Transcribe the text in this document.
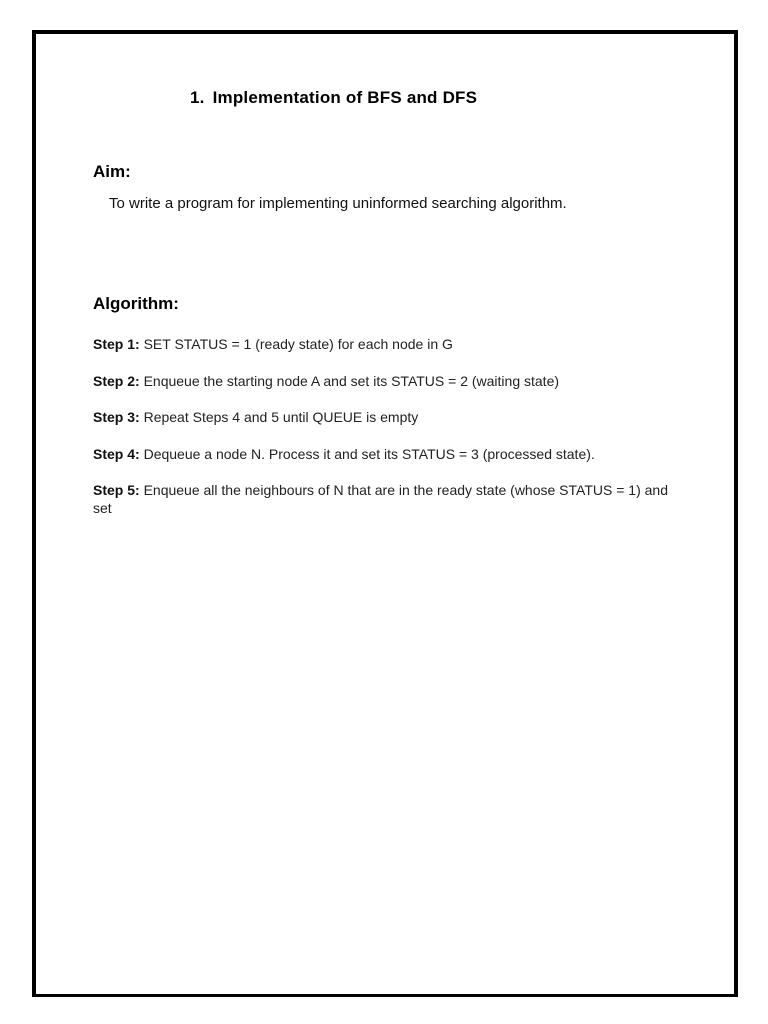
1. Implementation of BFS and DFS
Aim:
To write a program for implementing uninformed searching algorithm.
Algorithm:
Step 1: SET STATUS = 1 (ready state) for each node in G
Step 2: Enqueue the starting node A and set its STATUS = 2 (waiting state)
Step 3: Repeat Steps 4 and 5 until QUEUE is empty
Step 4: Dequeue a node N. Process it and set its STATUS = 3 (processed state).
Step 5: Enqueue all the neighbours of N that are in the ready state (whose STATUS = 1) and set
